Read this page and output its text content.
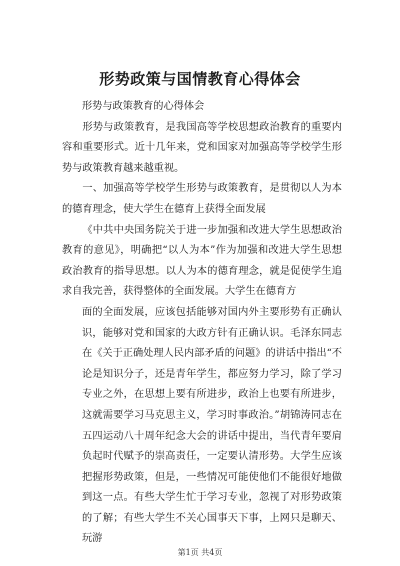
形势政策与国情教育心得体会

形势与政策教育的心得体会

形势与政策教育，是我国高等学校思想政治教育的重要内容和重要形式。近十几年来，党和国家对加强高等学校学生形势与政策教育越来越重视。

一、加强高等学校学生形势与政策教育，是贯彻以人为本的德育理念，使大学生在德育上获得全面发展

《中共中央国务院关于进一步加强和改进大学生思想政治教育的意见》，明确把“以人为本”作为加强和改进大学生思想政治教育的指导思想。以人为本的德育理念，就是促使学生追求自我完善，获得整体的全面发展。大学生在德育方

面的全面发展，应该包括能够对国内外主要形势有正确认识，能够对党和国家的大政方针有正确认识。毛泽东同志在《关于正确处理人民内部矛盾的问题》的讲话中指出“不论是知识分子，还是青年学生，都应努力学习，除了学习专业之外，在思想上要有所进步，政治上也要有所进步，这就需要学习马克思主义，学习时事政治。”胡锦涛同志在五四运动八十周年纪念大会的讲话中提出，当代青年要肩负起时代赋予的崇高责任，一定要认清形势。大学生应该把握形势政策，但是，一些情况可能使他们不能很好地做到这一点。有些大学生忙于学习专业，忽视了对形势政策的了解；有些大学生不关心国事天下事，上网只是聊天、玩游

第1页 共4页
